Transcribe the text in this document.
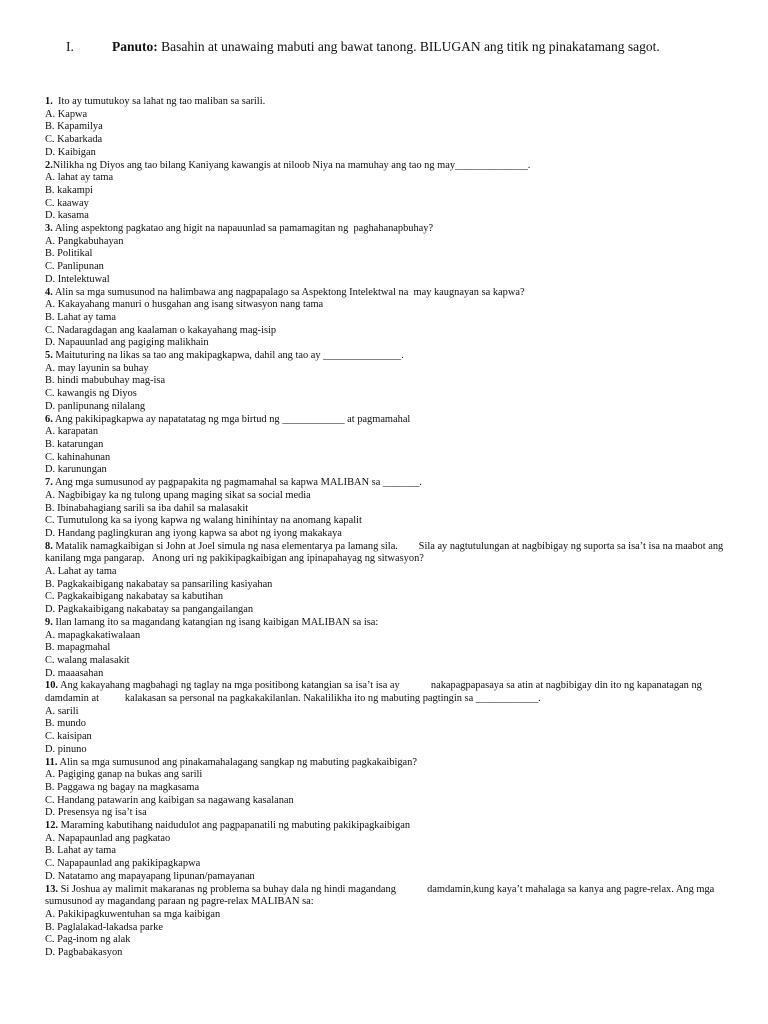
I.	Panuto: Basahin at unawaing mabuti ang bawat tanong. BILUGAN ang titik ng pinakatamang sagot.
1.  Ito ay tumutukoy sa lahat ng tao maliban sa sarili.
A. Kapwa
B. Kapamilya
C. Kabarkada
D. Kaibigan
2.Nilikha ng Diyos ang tao bilang Kaniyang kawangis at niloob Niya na mamuhay ang tao ng may______________.
A. lahat ay tama
B. kakampi
C. kaaway
D. kasama
3. Aling aspektong pagkatao ang higit na napauunlad sa pamamagitan ng  paghahanapbuhay?
A. Pangkabuhayan
B. Politikal
C. Panlipunan
D. Intelektuwal
4. Alin sa mga sumusunod na halimbawa ang nagpapalago sa Aspektong Intelektwal na  may kaugnayan sa kapwa?
A. Kakayahang manuri o husgahan ang isang sitwasyon nang tama
B. Lahat ay tama
C. Nadaragdagan ang kaalaman o kakayahang mag-isip
D. Napauunlad ang pagiging malikhain
5. Maituturing na likas sa tao ang makipagkapwa, dahil ang tao ay _______________.
A. may layunin sa buhay
B. hindi mabubuhay mag-isa
C. kawangis ng Diyos
D. panlipunang nilalang
6. Ang pakikipagkapwa ay napatatatag ng mga birtud ng ____________ at pagmamahal
A. karapatan
B. katarungan
C. kahinahunan
D. karunungan
7. Ang mga sumusunod ay pagpapakita ng pagmamahal sa kapwa MALIBAN sa _______.
A. Nagbibigay ka ng tulong upang maging sikat sa social media
B. Ibinabahagiang sarili sa iba dahil sa malasakit
C. Tumutulong ka sa iyong kapwa ng walang hinihintay na anomang kapalit
D. Handang paglingkuran ang iyong kapwa sa abot ng iyong makakaya
8. Matalik namagkaibigan si John at Joel simula ng nasa elementarya pa lamang sila.        Sila ay nagtutulungan at nagbibigay ng suporta sa isa’t isa na maabot ang kanilang mga pangarap.   Anong uri ng pakikipagkaibigan ang ipinapahayag ng sitwasyon?
A. Lahat ay tama
B. Pagkakaibigang nakabatay sa pansariling kasiyahan
C. Pagkakaibigang nakabatay sa kabutihan
D. Pagkakaibigang nakabatay sa pangangailangan
9. Ilan lamang ito sa magandang katangian ng isang kaibigan MALIBAN sa isa:
A. mapagkakatiwalaan
B. mapagmahal
C. walang malasakit
D. maaasahan
10. Ang kakayahang magbahagi ng taglay na mga positibong katangian sa isa’t isa ay            nakapagpapasaya sa atin at nagbibigay din ito ng kapanatagan ng damdamin at          kalakasan sa personal na pagkakakilanlan. Nakalilikha ito ng mabuting pagtingin sa ____________.
A. sarili
B. mundo
C. kaisipan
D. pinuno
11. Alin sa mga sumusunod ang pinakamahalagang sangkap ng mabuting pagkakaibigan?
A. Pagiging ganap na bukas ang sarili
B. Paggawa ng bagay na magkasama
C. Handang patawarin ang kaibigan sa nagawang kasalanan
D. Presensya ng isa’t isa
12. Maraming kabutihang naidudulot ang pagpapanatili ng mabuting pakikipagkaibigan
A. Napapaunlad ang pagkatao
B. Lahat ay tama
C. Napapaunlad ang pakikipagkapwa
D. Natatamo ang mapayapang lipunan/pamayanan
13. Si Joshua ay malimit makaranas ng problema sa buhay dala ng hindi magandang            damdamin,kung kaya’t mahalaga sa kanya ang pagre-relax. Ang mga sumusunod ay magandang paraan ng pagre-relax MALIBAN sa:
A. Pakikipagkuwentuhan sa mga kaibigan
B. Paglalakad-lakadsa parke
C. Pag-inom ng alak
D. Pagbabakasyon
